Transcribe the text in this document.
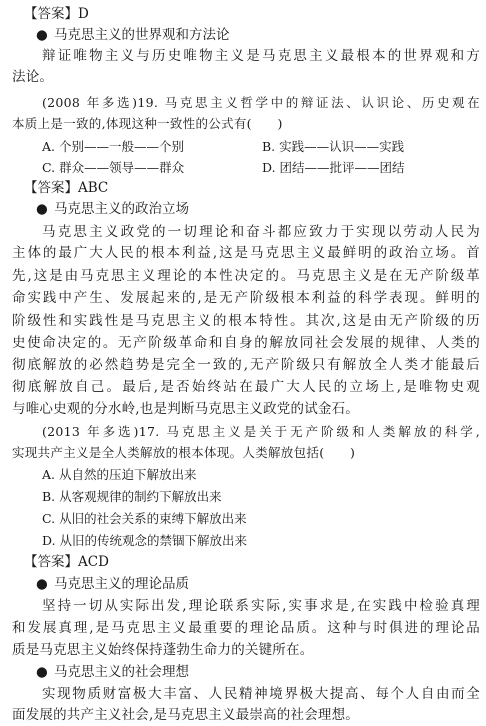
【答案】D
● 马克思主义的世界观和方法论
辩证唯物主义与历史唯物主义是马克思主义最根本的世界观和方
法论。
(2008 年多选)19. 马克思主义哲学中的辩证法、认识论、历史观在
本质上是一致的,体现这种一致性的公式有(　　)
A. 个别——一般——个别	B. 实践——认识——实践
C. 群众——领导——群众	D. 团结——批评——团结
【答案】ABC
● 马克思主义的政治立场
马克思主义政党的一切理论和奋斗都应致力于实现以劳动人民为
主体的最广大人民的根本利益,这是马克思主义最鲜明的政治立场。首
先,这是由马克思主义理论的本性决定的。马克思主义是在无产阶级革
命实践中产生、发展起来的,是无产阶级根本利益的科学表现。鲜明的
阶级性和实践性是马克思主义的根本特性。其次,这是由无产阶级的历
史使命决定的。无产阶级革命和自身的解放同社会发展的规律、人类的
彻底解放的必然趋势是完全一致的,无产阶级只有解放全人类才能最后
彻底解放自己。最后,是否始终站在最广大人民的立场上,是唯物史观
与唯心史观的分水岭,也是判断马克思主义政党的试金石。
(2013 年多选)17. 马克思主义是关于无产阶级和人类解放的科学,
实现共产主义是全人类解放的根本体现。人类解放包括(　　)
A. 从自然的压迫下解放出来
B. 从客观规律的制约下解放出来
C. 从旧的社会关系的束缚下解放出来
D. 从旧的传统观念的禁锢下解放出来
【答案】ACD
● 马克思主义的理论品质
坚持一切从实际出发,理论联系实际,实事求是,在实践中检验真理
和发展真理,是马克思主义最重要的理论品质。这种与时俱进的理论品
质是马克思主义始终保持蓬勃生命力的关键所在。
● 马克思主义的社会理想
实现物质财富极大丰富、人民精神境界极大提高、每个人自由而全
面发展的共产主义社会,是马克思主义最崇高的社会理想。
